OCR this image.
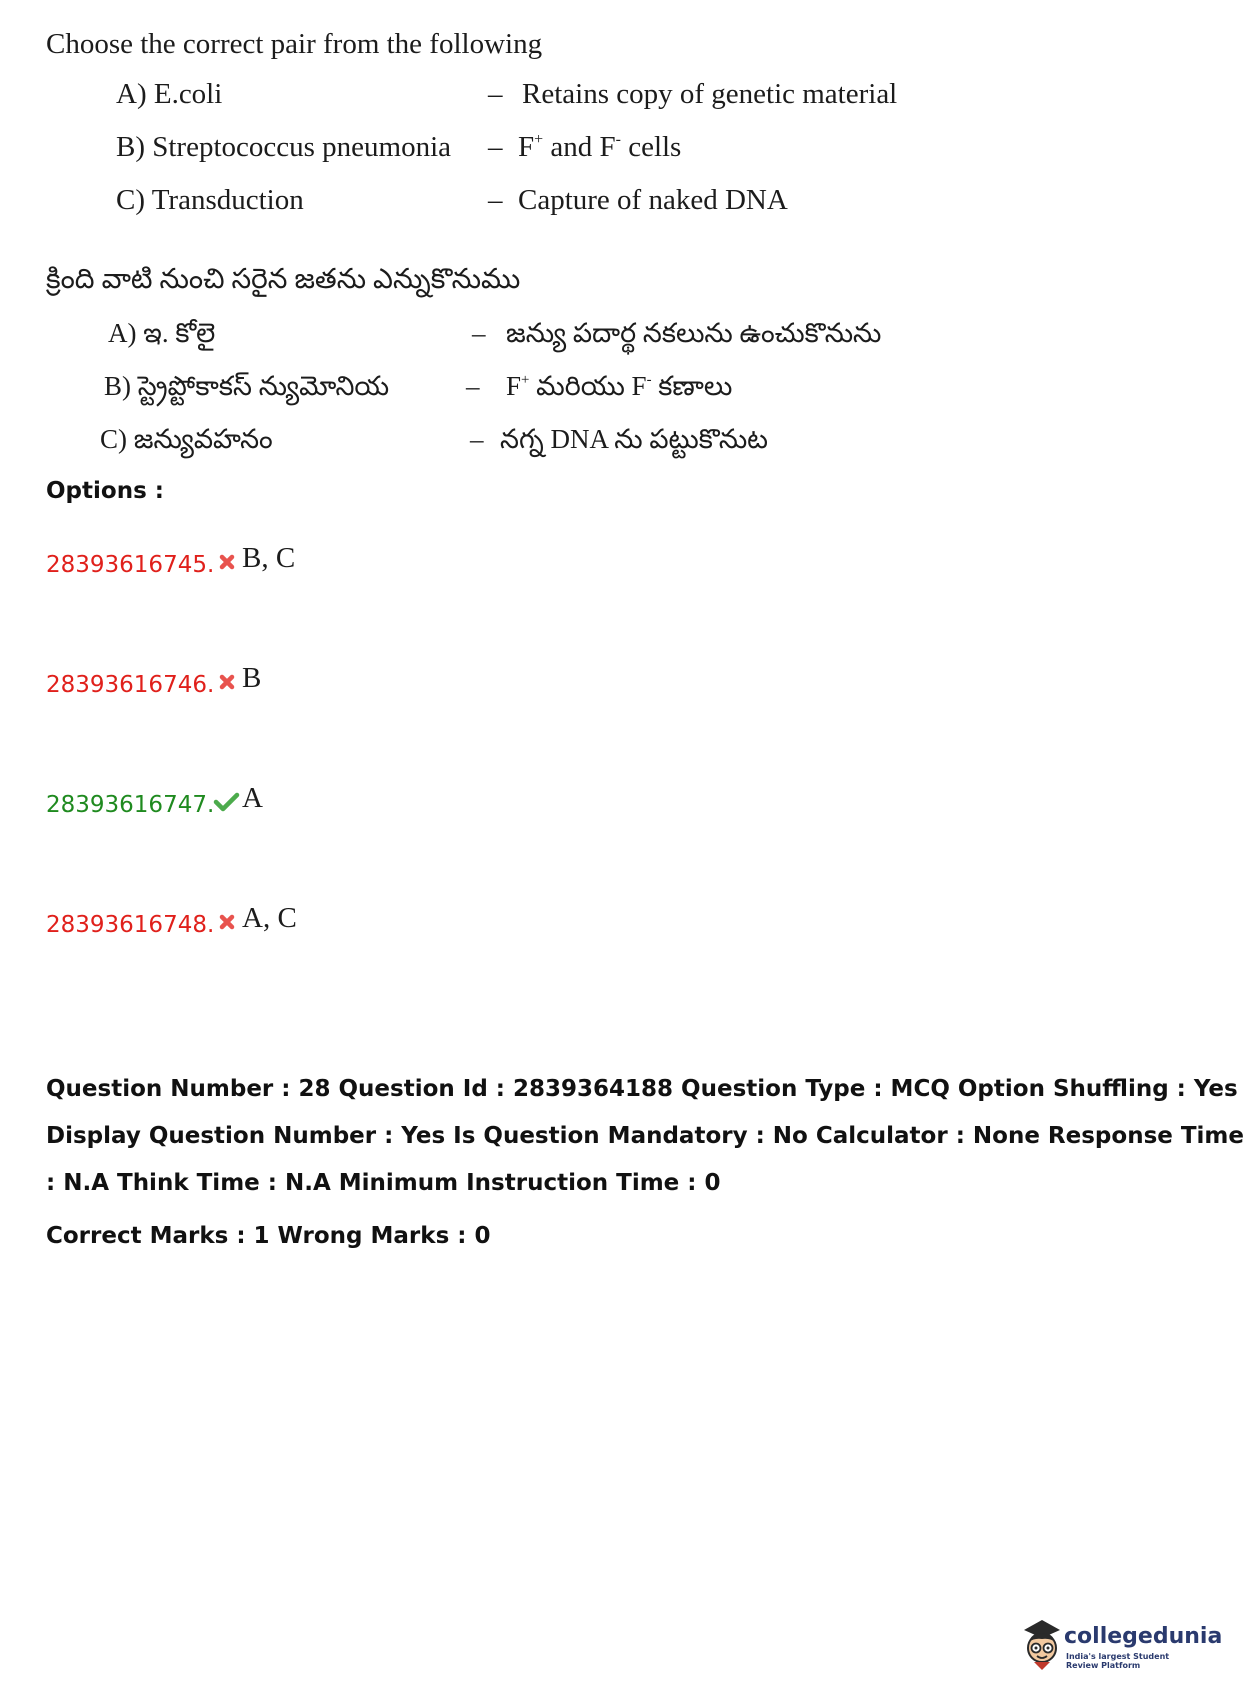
Choose the correct pair from the following
A) E.coli	– Retains copy of genetic material
B) Streptococcus pneumonia – F+ and F- cells
C) Transduction	– Capture of naked DNA
క్రింది వాటి నుంచి సరైన జతను ఎన్నుకొనుము
A) ఇ. కోలై	– జన్యు పదార్థ నకలును ఉంచుకొనును
B) స్ట్రెప్టోకాకస్ న్యుమోనియ	– F+ మరియు F- కణాలు
C) జన్యువహనం	– నగ్న DNA ను పట్టుకొనుట
Options :
28393616745. B, C
28393616746. B
28393616747. A
28393616748. A, C
Question Number : 28 Question Id : 2839364188 Question Type : MCQ Option Shuffling : Yes
Display Question Number : Yes Is Question Mandatory : No Calculator : None Response Time
: N.A Think Time : N.A Minimum Instruction Time : 0
Correct Marks : 1 Wrong Marks : 0
collegedunia
India's largest Student Review Platform
